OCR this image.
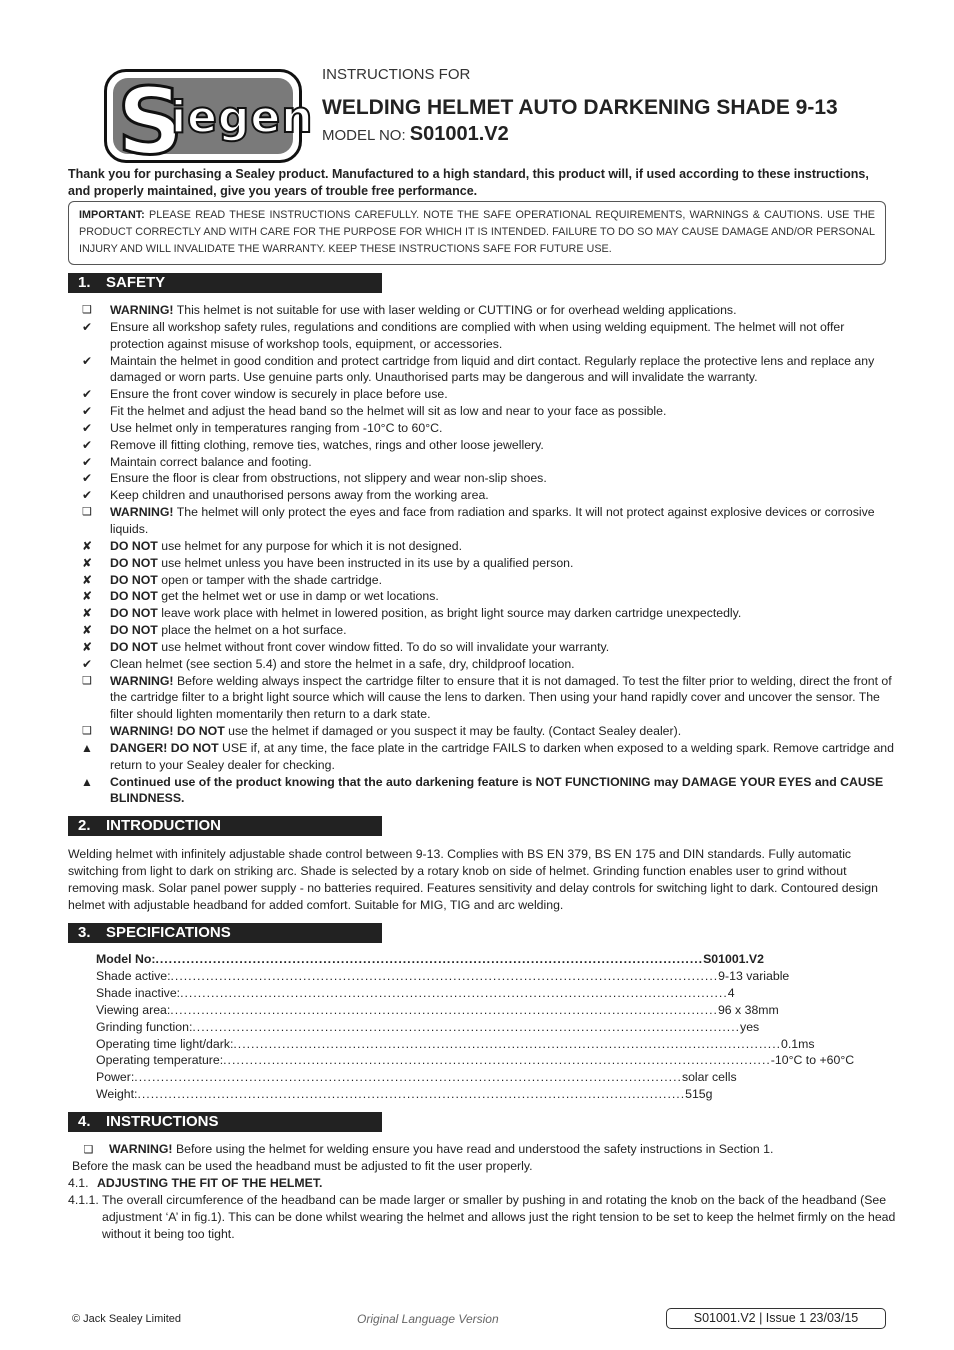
S
iegen
INSTRUCTIONS FOR
WELDING HELMET AUTO DARKENING SHADE 9-13
MODEL NO: S01001.V2
Thank you for purchasing a Sealey product. Manufactured to a high standard, this product will, if used according to these instructions, and properly maintained, give you years of trouble free performance.
IMPORTANT: PLEASE READ THESE INSTRUCTIONS CAREFULLY. NOTE THE SAFE OPERATIONAL REQUIREMENTS, WARNINGS & CAUTIONS. USE THE PRODUCT CORRECTLY AND WITH CARE FOR THE PURPOSE FOR WHICH IT IS INTENDED. FAILURE TO DO SO MAY CAUSE DAMAGE AND/OR PERSONAL INJURY AND WILL INVALIDATE THE WARRANTY. KEEP THESE INSTRUCTIONS SAFE FOR FUTURE USE.
1. SAFETY
❑ WARNING! This helmet is not suitable for use with laser welding or CUTTING or for overhead welding applications.
✔ Ensure all workshop safety rules, regulations and conditions are complied with when using welding equipment. The helmet will not offer protection against misuse of workshop tools, equipment, or accessories.
✔ Maintain the helmet in good condition and protect cartridge from liquid and dirt contact. Regularly replace the protective lens and replace any damaged or worn parts. Use genuine parts only. Unauthorised parts may be dangerous and will invalidate the warranty.
✔ Ensure the front cover window is securely in place before use.
✔ Fit the helmet and adjust the head band so the helmet will sit as low and near to your face as possible.
✔ Use helmet only in temperatures ranging from -10°C to 60°C.
✔ Remove ill fitting clothing, remove ties, watches, rings and other loose jewellery.
✔ Maintain correct balance and footing.
✔ Ensure the floor is clear from obstructions, not slippery and wear non-slip shoes.
✔ Keep children and unauthorised persons away from the working area.
❑ WARNING! The helmet will only protect the eyes and face from radiation and sparks. It will not protect against explosive devices or corrosive liquids.
✘ DO NOT use helmet for any purpose for which it is not designed.
✘ DO NOT use helmet unless you have been instructed in its use by a qualified person.
✘ DO NOT open or tamper with the shade cartridge.
✘ DO NOT get the helmet wet or use in damp or wet locations.
✘ DO NOT leave work place with helmet in lowered position, as bright light source may darken cartridge unexpectedly.
✘ DO NOT place the helmet on a hot surface.
✘ DO NOT use helmet without front cover window fitted. To do so will invalidate your warranty.
✔ Clean helmet (see section 5.4) and store the helmet in a safe, dry, childproof location.
❑ WARNING! Before welding always inspect the cartridge filter to ensure that it is not damaged. To test the filter prior to welding, direct the front of the cartridge filter to a bright light source which will cause the lens to darken. Then using your hand rapidly cover and uncover the sensor. The filter should lighten momentarily then return to a dark state.
❑ WARNING! DO NOT use the helmet if damaged or you suspect it may be faulty. (Contact Sealey dealer).
▲ DANGER! DO NOT USE if, at any time, the face plate in the cartridge FAILS to darken when exposed to a welding spark. Remove cartridge and return to your Sealey dealer for checking.
▲ Continued use of the product knowing that the auto darkening feature is NOT FUNCTIONING may DAMAGE YOUR EYES and CAUSE BLINDNESS.
2. INTRODUCTION
Welding helmet with infinitely adjustable shade control between 9-13. Complies with BS EN 379, BS EN 175 and DIN standards. Fully automatic switching from light to dark on striking arc. Shade is selected by a rotary knob on side of helmet. Grinding function enables user to grind without removing mask. Solar panel power supply - no batteries required. Features sensitivity and delay controls for switching light to dark. Contoured design helmet with adjustable headband for added comfort. Suitable for MIG, TIG and arc welding.
3. SPECIFICATIONS
Model No: .....	S01001.V2
Shade active: .....	9-13 variable
Shade inactive: .....	4
Viewing area: .....	96 x 38mm
Grinding function: .....	yes
Operating time light/dark: .....	0.1ms
Operating temperature: .....	-10°C to +60°C
Power: .....	solar cells
Weight: .....	515g
4. INSTRUCTIONS
❑ WARNING! Before using the helmet for welding ensure you have read and understood the safety instructions in Section 1.
Before the mask can be used the headband must be adjusted to fit the user properly.
4.1. ADJUSTING THE FIT OF THE HELMET.
4.1.1. The overall circumference of the headband can be made larger or smaller by pushing in and rotating the knob on the back of the headband (See adjustment ‘A’ in fig.1). This can be done whilst wearing the helmet and allows just the right tension to be set to keep the helmet firmly on the head without it being too tight.
© Jack Sealey Limited	Original Language Version	S01001.V2 | Issue 1 23/03/15
